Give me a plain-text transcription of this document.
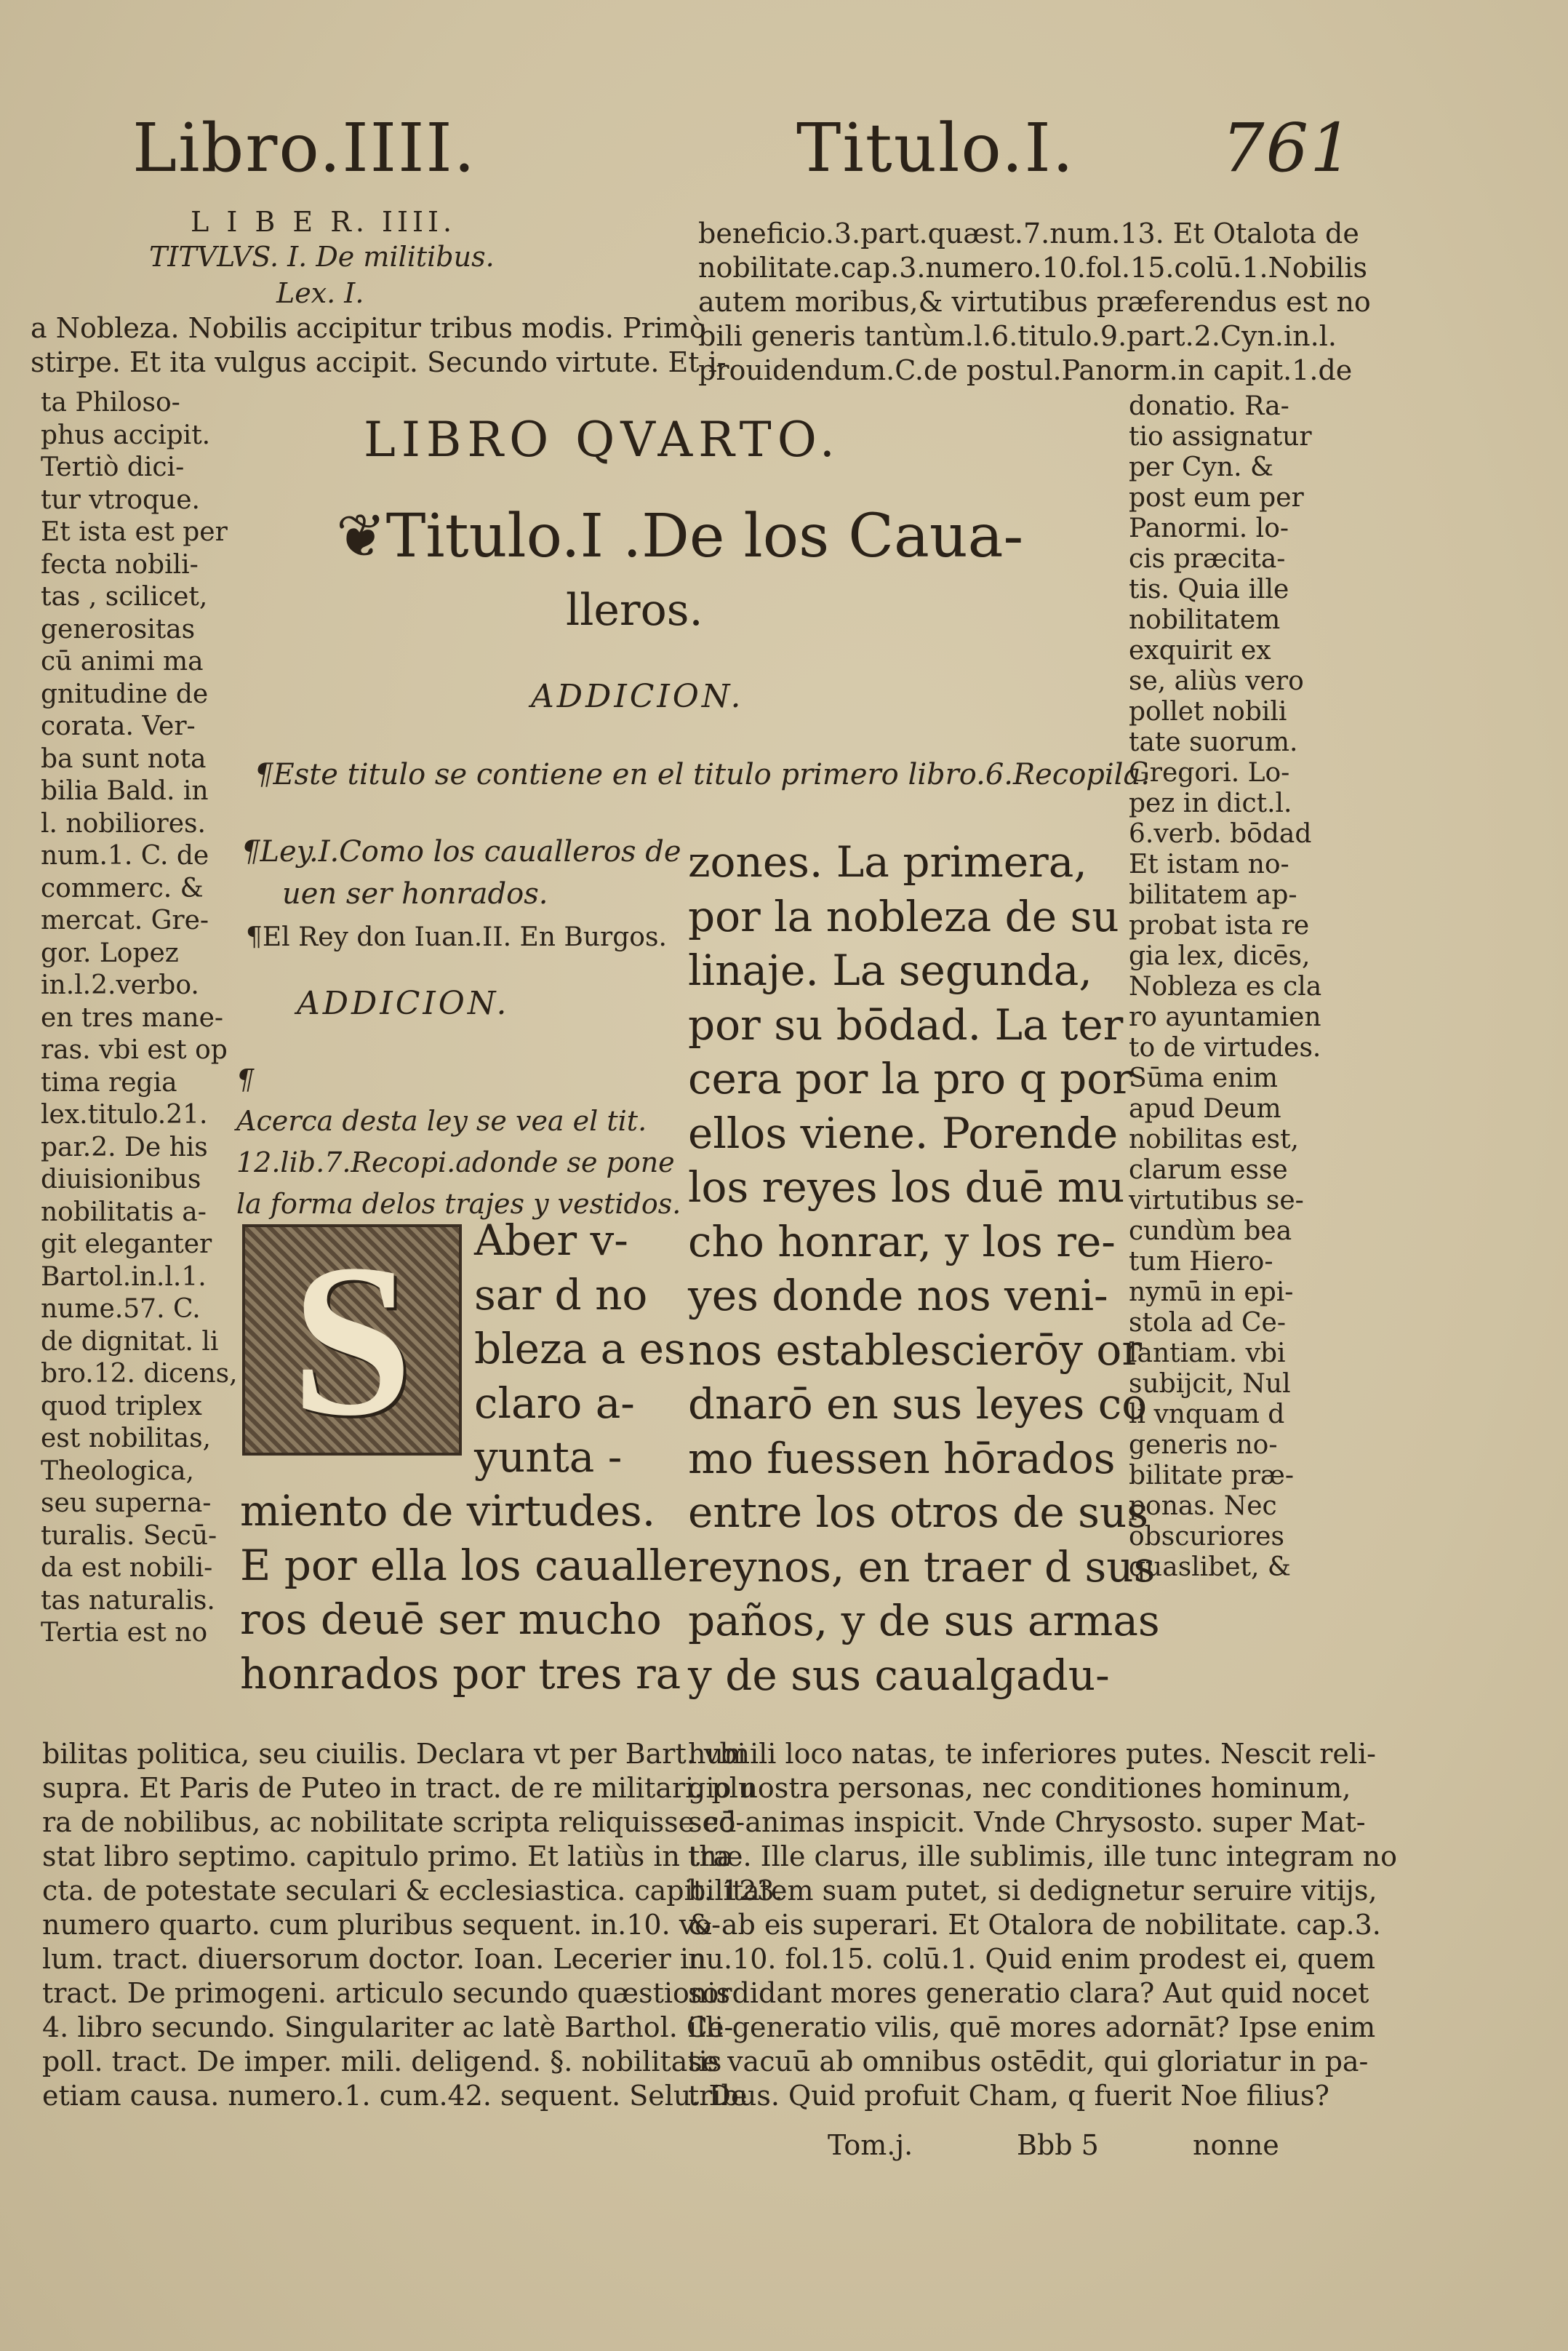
Libro.IIII.	Titulo.I. 761
L I B E R. IIII.
TITVLVS. I. De militibus.
Lex. I.
a Nobleza. Nobilis accipitur tribus modis. Primò
stirpe. Et ita vulgus accipit. Secundo virtute. Et i-
beneficio.3.part.quæst.7.num.13. Et Otalota de
nobilitate.cap.3.numero.10.fol.15.colū.1.Nobilis
autem moribus,& virtutibus præferendus est no
bili generis tantùm.l.6.titulo.9.part.2.Cyn.in.l.
prouidendum.C.de postul.Panorm.in capit.1.de
ta Philoso-
phus accipit.
Tertiò dici-
tur vtroque.
Et ista est per
fecta nobili-
tas , scilicet,
generositas
cū animi ma
gnitudine de
corata. Ver-
ba sunt nota
bilia Bald. in
l. nobiliores.
num.1. C. de
commerc. &
mercat. Gre-
gor. Lopez
in.l.2.verbo.
en tres mane-
ras. vbi est op
tima regia
lex.titulo.21.
par.2. De his
diuisionibus
nobilitatis a-
git eleganter
Bartol.in.l.1.
nume.57. C.
de dignitat. li
bro.12. dicens,
quod triplex
est nobilitas,
Theologica,
seu superna-
turalis. Secū-
da est nobili-
tas naturalis.
Tertia est no
donatio. Ra-
tio assignatur
per Cyn. &
post eum per
Panormi. lo-
cis præcita-
tis. Quia ille
nobilitatem
exquirit ex
se, aliùs vero
pollet nobili
tate suorum.
Gregori. Lo-
pez in dict.l.
6.verb. bōdad
Et istam no-
bilitatem ap-
probat ista re
gia lex, dicēs,
Nobleza es cla
ro ayuntamien
to de virtudes.
Sūma enim
apud Deum
nobilitas est,
clarum esse
virtutibus se-
cundùm bea
tum Hiero-
nymū in epi-
stola ad Ce-
lantiam. vbi
subijcit, Nul
li vnquam d
generis no-
bilitate præ-
ponas. Nec
obscuriores
quaslibet, &
LIBRO QVARTO.
❦Titulo.I .De los Caua-
lleros.
ADDICION.
¶Este titulo se contiene en el titulo primero libro.6.Recopila.
¶Ley.I.Como los caualleros de
uen ser honrados.
¶El Rey don Iuan.II. En Burgos.
ADDICION.
¶
Acerca desta ley se vea el tit.
12.lib.7.Recopi.adonde se pone
la forma delos trajes y vestidos.
S	Aber v-
sar d no
bleza a es
claro a-
yunta -
miento de virtudes.
E por ella los caualle
ros deuē ser mucho
honrados por tres ra
zones. La primera,
por la nobleza de su
linaje. La segunda,
por su bōdad. La ter
cera por la pro q por
ellos viene. Porende
los reyes los duē mu
cho honrar, y los re-
yes donde nos veni-
nos establescierōy or
dnarō en sus leyes co
mo fuessen hōrados
entre los otros de sus
reynos, en traer d sus
paños, y de sus armas
y de sus caualgadu-
bilitas politica, seu ciuilis. Declara vt per Bart. vbi
supra. Et Paris de Puteo in tract. de re militari. plu
ra de nobilibus, ac nobilitate scripta reliquisse cō-
stat libro septimo. capitulo primo. Et latiùs in tra
cta. de potestate seculari & ecclesiastica. capit. 123.
numero quarto. cum pluribus sequent. in.10. vo-
lum. tract. diuersorum doctor. Ioan. Lecerier in
tract. De primogeni. articulo secundo quæstionis
4. libro secundo. Singulariter ac latè Barthol. Ce-
poll. tract. De imper. mili. deligend. §. nobilitatis
etiam causa. numero.1. cum.42. sequent. Selu. De
humili loco natas, te inferiores putes. Nescit reli-
gio nostra personas, nec conditiones hominum,
sed animas inspicit. Vnde Chrysosto. super Mat-
thæ. Ille clarus, ille sublimis, ille tunc integram no
bilitatem suam putet, si dedignetur seruire vitijs,
& ab eis superari. Et Otalora de nobilitate. cap.3.
nu.10. fol.15. colū.1. Quid enim prodest ei, quem
sordidant mores generatio clara? Aut quid nocet
illi generatio vilis, quē mores adornāt? Ipse enim
se vacuū ab omnibus ostēdit, qui gloriatur in pa-
tribus. Quid profuit Cham, q fuerit Noe filius?
Tom.j.	Bbb 5	nonne
